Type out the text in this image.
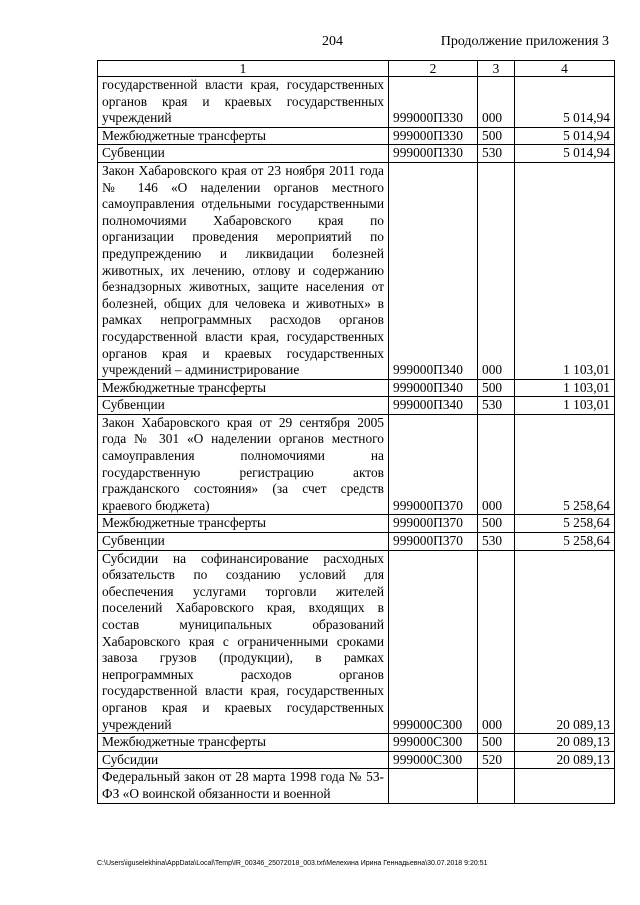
204	Продолжение приложения 3
1	2	3	4
государственной власти края, государственных органов края и краевых государственных учреждений	999000П330	000	5 014,94
Межбюджетные трансферты	999000П330	500	5 014,94
Субвенции	999000П330	530	5 014,94
Закон Хабаровского края от 23 ноября 2011 года № 146 «О наделении органов местного самоуправления отдельными государственными полномочиями Хабаровского края по организации проведения мероприятий по предупреждению и ликвидации болезней животных, их лечению, отлову и содержанию безнадзорных животных, защите населения от болезней, общих для человека и животных» в рамках непрограммных расходов органов государственной власти края, государственных органов края и краевых государственных учреждений – администрирование	999000П340	000	1 103,01
Межбюджетные трансферты	999000П340	500	1 103,01
Субвенции	999000П340	530	1 103,01
Закон Хабаровского края от 29 сентября 2005 года № 301 «О наделении органов местного самоуправления полномочиями на государственную регистрацию актов гражданского состояния» (за счет средств краевого бюджета)	999000П370	000	5 258,64
Межбюджетные трансферты	999000П370	500	5 258,64
Субвенции	999000П370	530	5 258,64
Субсидии на софинансирование расходных обязательств по созданию условий для обеспечения услугами торговли жителей поселений Хабаровского края, входящих в состав муниципальных образований Хабаровского края с ограниченными сроками завоза грузов (продукции), в рамках непрограммных расходов органов государственной власти края, государственных органов края и краевых государственных учреждений	999000С300	000	20 089,13
Межбюджетные трансферты	999000С300	500	20 089,13
Субсидии	999000С300	520	20 089,13
Федеральный закон от 28 марта 1998 года № 53-ФЗ «О воинской обязанности и военной			
C:\Users\iguselekhina\AppData\Local\Temp\IR_00346_25072018_003.txt\Мелехина Ирина Геннадьевна\30.07.2018 9:20:51
